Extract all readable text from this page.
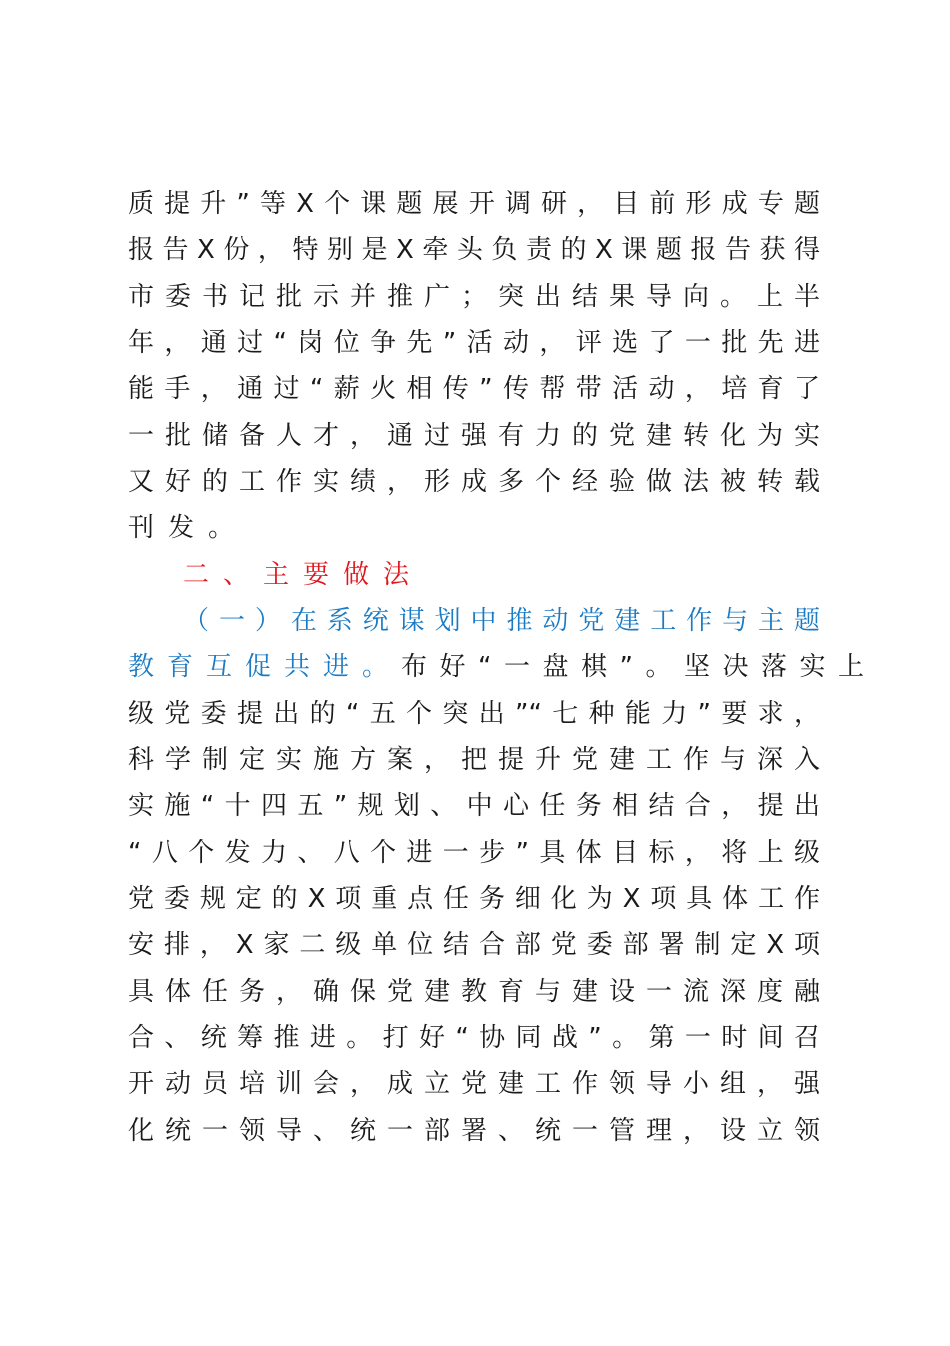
质提升”等X个课题展开调研，目前形成专题
报告X份，特别是X牵头负责的X课题报告获得
市委书记批示并推广；突出结果导向。上半
年，通过“岗位争先”活动，评选了一批先进
能手，通过“薪火相传”传帮带活动，培育了
一批储备人才，通过强有力的党建转化为实
又好的工作实绩，形成多个经验做法被转载
刊发。
二、主要做法
（一）在系统谋划中推动党建工作与主题
教育互促共进。布好“一盘棋”。坚决落实上
级党委提出的“五个突出”“七种能力”要求，
科学制定实施方案，把提升党建工作与深入
实施“十四五”规划、中心任务相结合，提出
“八个发力、八个进一步”具体目标，将上级
党委规定的X项重点任务细化为X项具体工作
安排，X家二级单位结合部党委部署制定X项
具体任务，确保党建教育与建设一流深度融
合、统筹推进。打好“协同战”。第一时间召
开动员培训会，成立党建工作领导小组，强
化统一领导、统一部署、统一管理，设立领
